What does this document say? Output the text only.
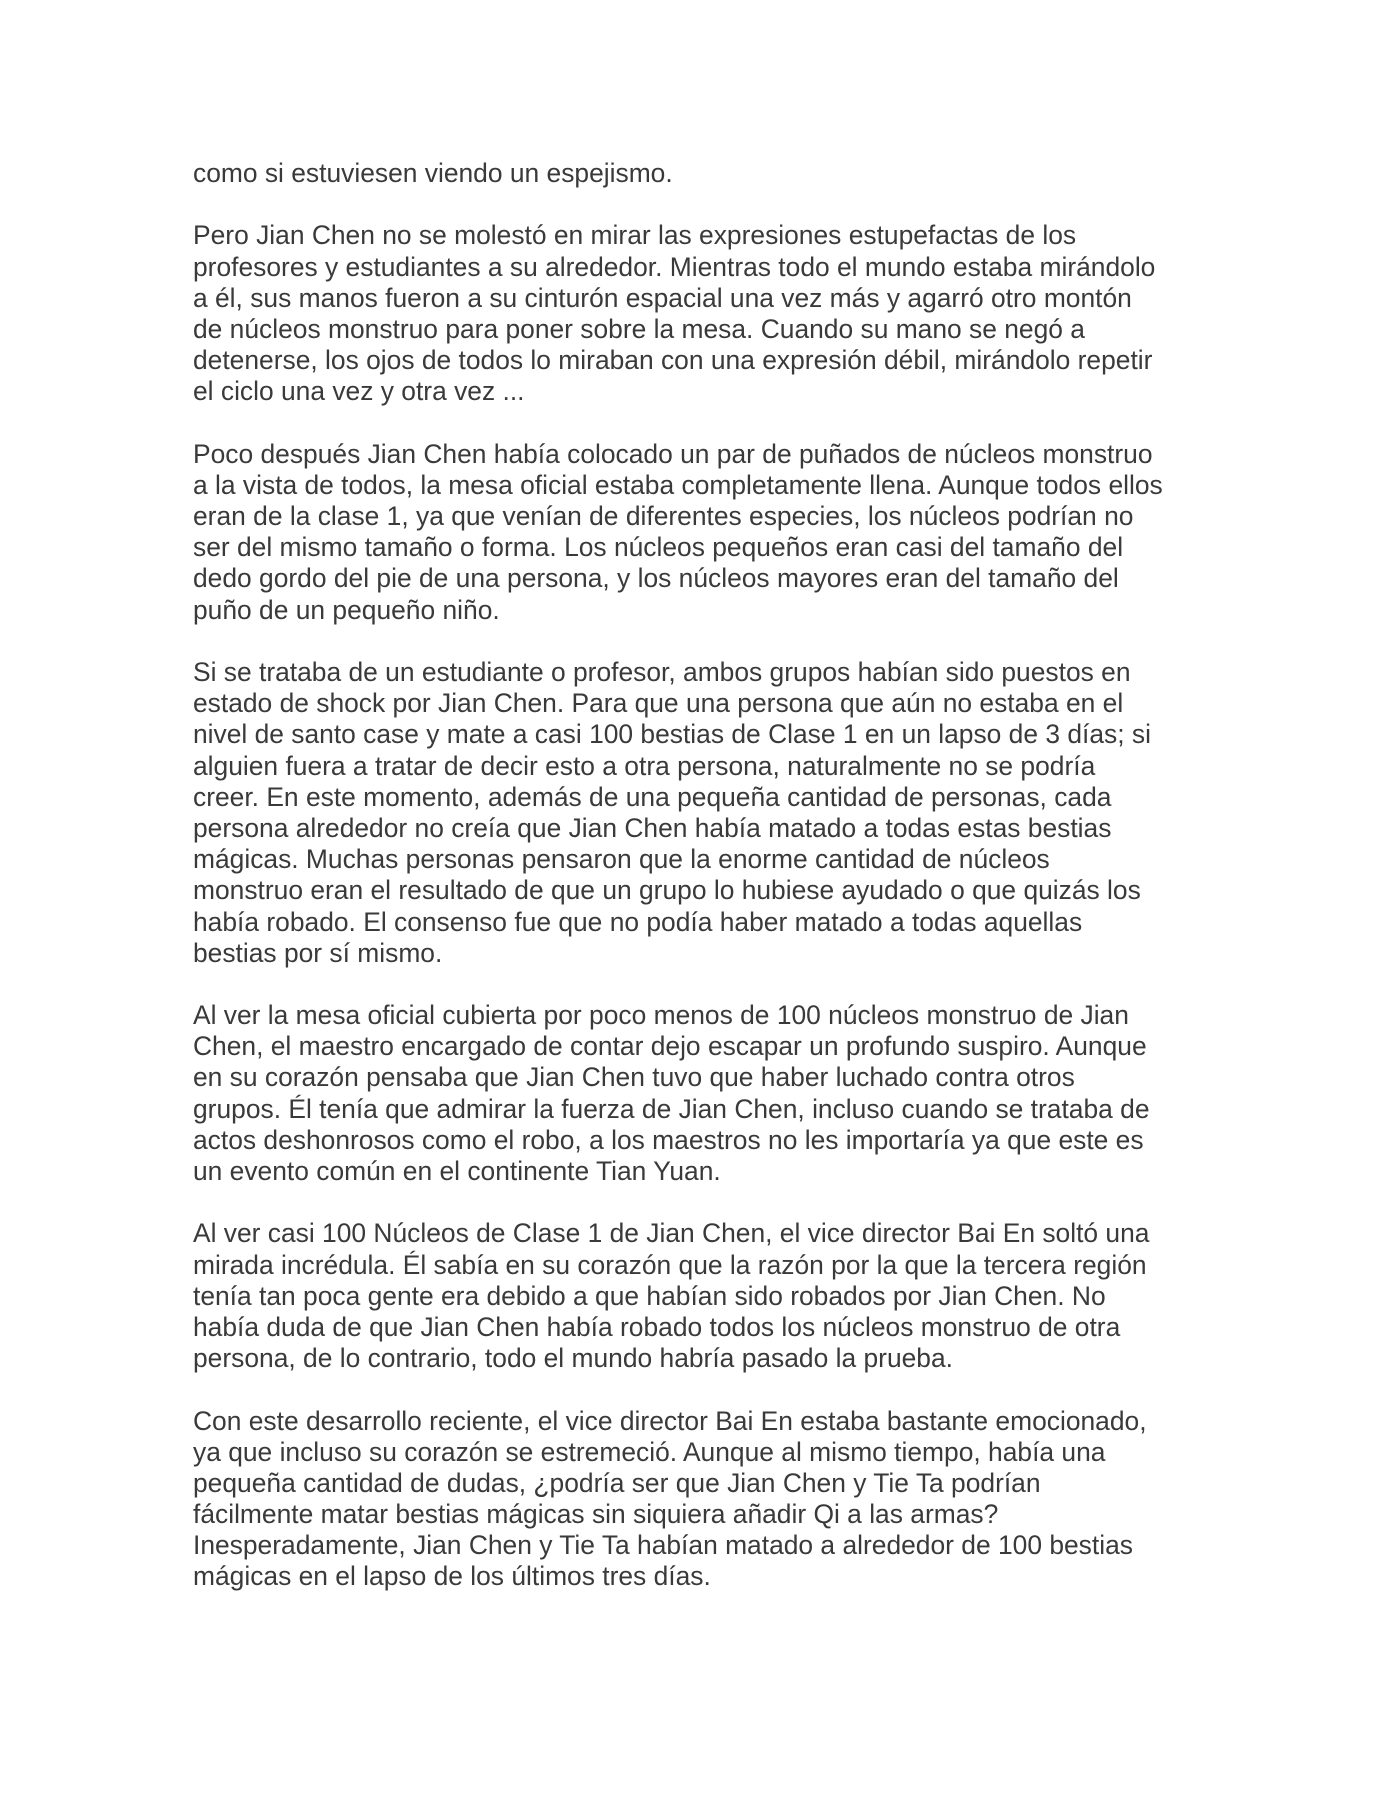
como si estuviesen viendo un espejismo.
Pero Jian Chen no se molestó en mirar las expresiones estupefactas de los
profesores y estudiantes a su alrededor. Mientras todo el mundo estaba mirándolo
a él, sus manos fueron a su cinturón espacial una vez más y agarró otro montón
de núcleos monstruo para poner sobre la mesa. Cuando su mano se negó a
detenerse, los ojos de todos lo miraban con una expresión débil, mirándolo repetir
el ciclo una vez y otra vez ...
Poco después Jian Chen había colocado un par de puñados de núcleos monstruo
a la vista de todos, la mesa oficial estaba completamente llena. Aunque todos ellos
eran de la clase 1, ya que venían de diferentes especies, los núcleos podrían no
ser del mismo tamaño o forma. Los núcleos pequeños eran casi del tamaño del
dedo gordo del pie de una persona, y los núcleos mayores eran del tamaño del
puño de un pequeño niño.
Si se trataba de un estudiante o profesor, ambos grupos habían sido puestos en
estado de shock por Jian Chen. Para que una persona que aún no estaba en el
nivel de santo case y mate a casi 100 bestias de Clase 1 en un lapso de 3 días; si
alguien fuera a tratar de decir esto a otra persona, naturalmente no se podría
creer. En este momento, además de una pequeña cantidad de personas, cada
persona alrededor no creía que Jian Chen había matado a todas estas bestias
mágicas. Muchas personas pensaron que la enorme cantidad de núcleos
monstruo eran el resultado de que un grupo lo hubiese ayudado o que quizás los
había robado. El consenso fue que no podía haber matado a todas aquellas
bestias por sí mismo.
Al ver la mesa oficial cubierta por poco menos de 100 núcleos monstruo de Jian
Chen, el maestro encargado de contar dejo escapar un profundo suspiro. Aunque
en su corazón pensaba que Jian Chen tuvo que haber luchado contra otros
grupos. Él tenía que admirar la fuerza de Jian Chen, incluso cuando se trataba de
actos deshonrosos como el robo, a los maestros no les importaría ya que este es
un evento común en el continente Tian Yuan.
Al ver casi 100 Núcleos de Clase 1 de Jian Chen, el vice director Bai En soltó una
mirada incrédula. Él sabía en su corazón que la razón por la que la tercera región
tenía tan poca gente era debido a que habían sido robados por Jian Chen. No
había duda de que Jian Chen había robado todos los núcleos monstruo de otra
persona, de lo contrario, todo el mundo habría pasado la prueba.
Con este desarrollo reciente, el vice director Bai En estaba bastante emocionado,
ya que incluso su corazón se estremeció. Aunque al mismo tiempo, había una
pequeña cantidad de dudas, ¿podría ser que Jian Chen y Tie Ta podrían
fácilmente matar bestias mágicas sin siquiera añadir Qi a las armas?
Inesperadamente, Jian Chen y Tie Ta habían matado a alrededor de 100 bestias
mágicas en el lapso de los últimos tres días.
